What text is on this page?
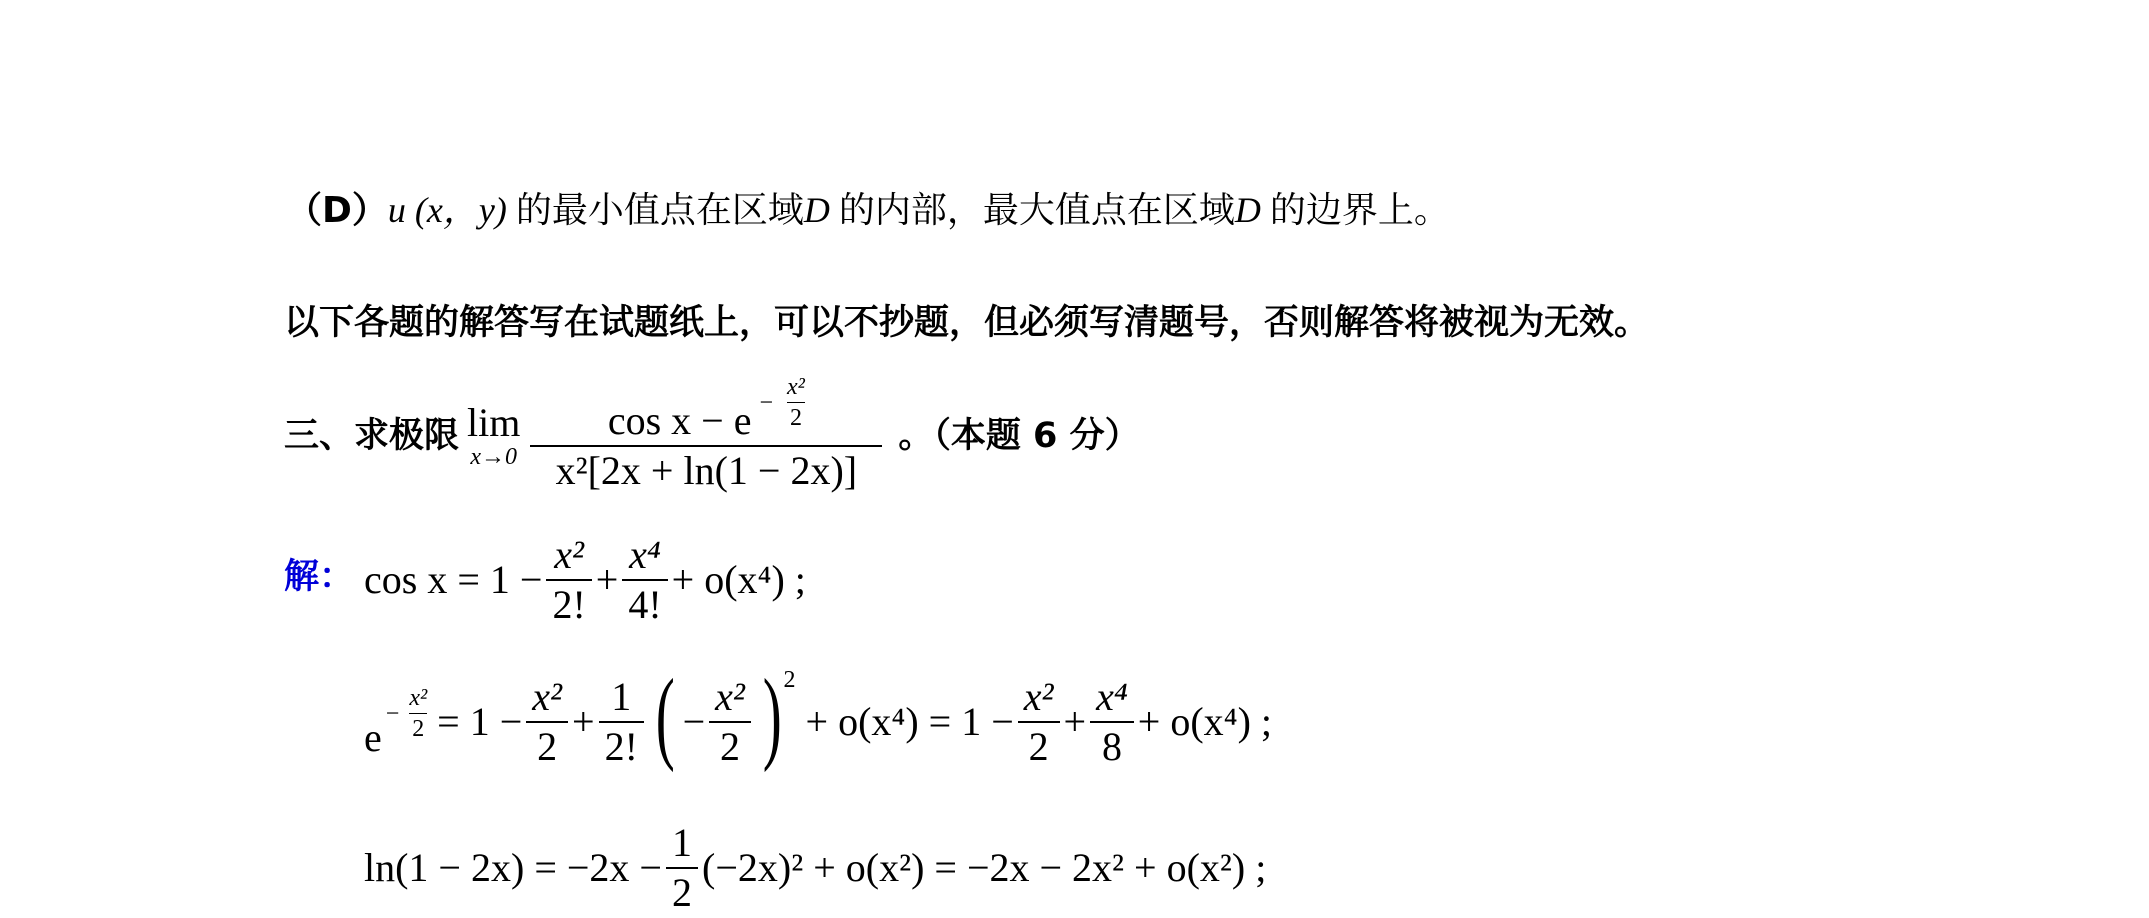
（D）u (x，y) 的最小值点在区域D 的内部，最大值点在区域D 的边界上。
以下各题的解答写在试题纸上，可以不抄题，但必须写清题号，否则解答将被视为无效。
三、求极限 lim
x→0
cos x − e −
x²
2
x²[2x + ln(1 − 2x)]
。（本题 6 分）
解： $\cos x = 1 - \frac{\text{x²}}{2!} + \frac{\text{x⁴}}{4!} + o(x^4)$ ;
e
−
x²
$2 = 1 - \frac{\text{x²}}{2} + \frac{1}{2!}$ ( − $\frac{\text{x²}}{2}$ ) 2
+ $o(x^4) = 1 - \frac{\text{x²}}{2} + \frac{\text{x⁴}}{8} + o(x^4)$ ;
$\ln(1 - 2x) = -2x - \frac{1}{2} (-2x)^2 + o(x^2) = -2x - 2x^2 + o(x^2)$ ;
